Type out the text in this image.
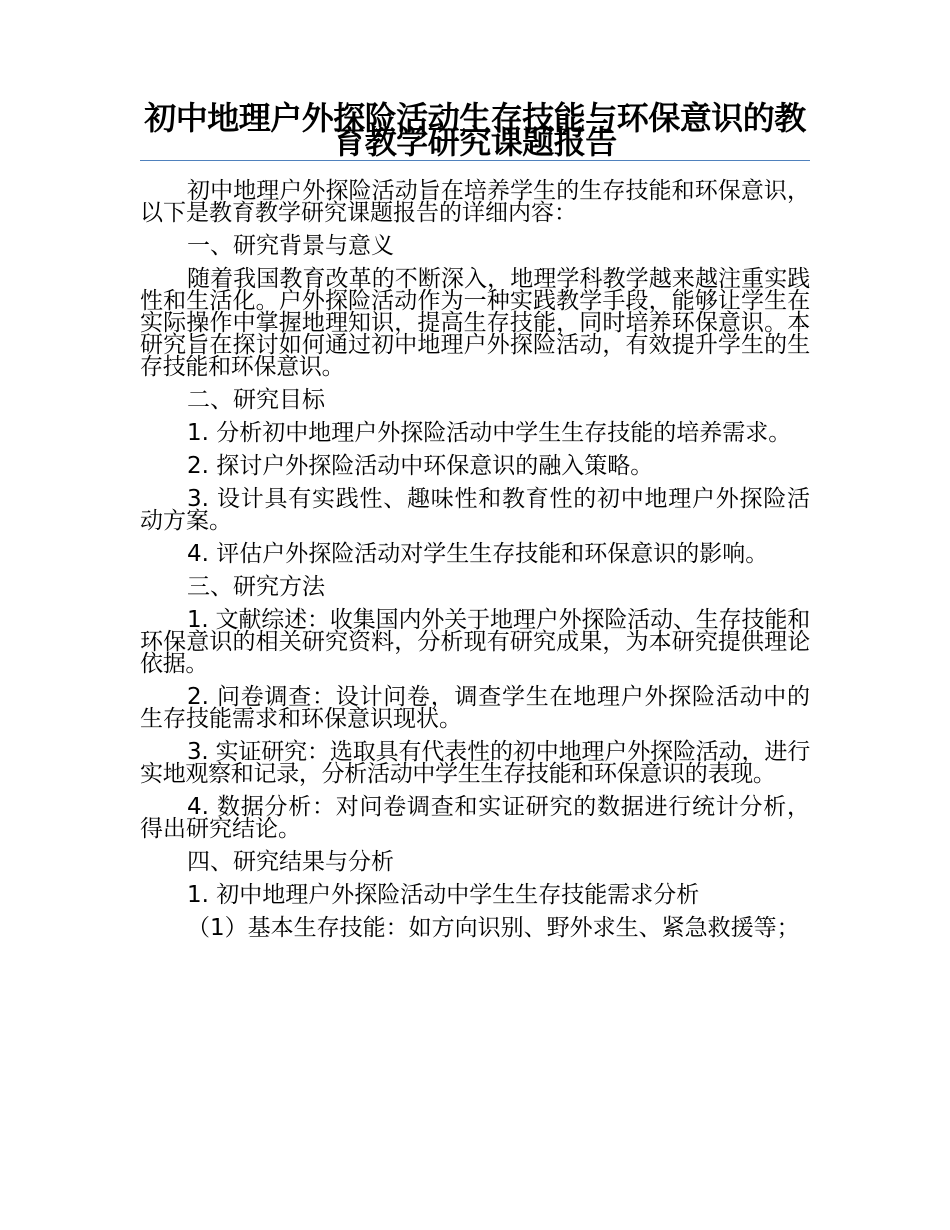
初中地理户外探险活动生存技能与环保意识的教育教学研究课题报告

初中地理户外探险活动旨在培养学生的生存技能和环保意识，以下是教育教学研究课题报告的详细内容：

一、研究背景与意义

随着我国教育改革的不断深入，地理学科教学越来越注重实践性和生活化。户外探险活动作为一种实践教学手段，能够让学生在实际操作中掌握地理知识，提高生存技能，同时培养环保意识。本研究旨在探讨如何通过初中地理户外探险活动，有效提升学生的生存技能和环保意识。

二、研究目标

1. 分析初中地理户外探险活动中学生生存技能的培养需求。

2. 探讨户外探险活动中环保意识的融入策略。

3. 设计具有实践性、趣味性和教育性的初中地理户外探险活动方案。

4. 评估户外探险活动对学生生存技能和环保意识的影响。

三、研究方法

1. 文献综述：收集国内外关于地理户外探险活动、生存技能和环保意识的相关研究资料，分析现有研究成果，为本研究提供理论依据。

2. 问卷调查：设计问卷，调查学生在地理户外探险活动中的生存技能需求和环保意识现状。

3. 实证研究：选取具有代表性的初中地理户外探险活动，进行实地观察和记录，分析活动中学生生存技能和环保意识的表现。

4. 数据分析：对问卷调查和实证研究的数据进行统计分析，得出研究结论。

四、研究结果与分析

1. 初中地理户外探险活动中学生生存技能需求分析

（1）基本生存技能：如方向识别、野外求生、紧急救援等；
